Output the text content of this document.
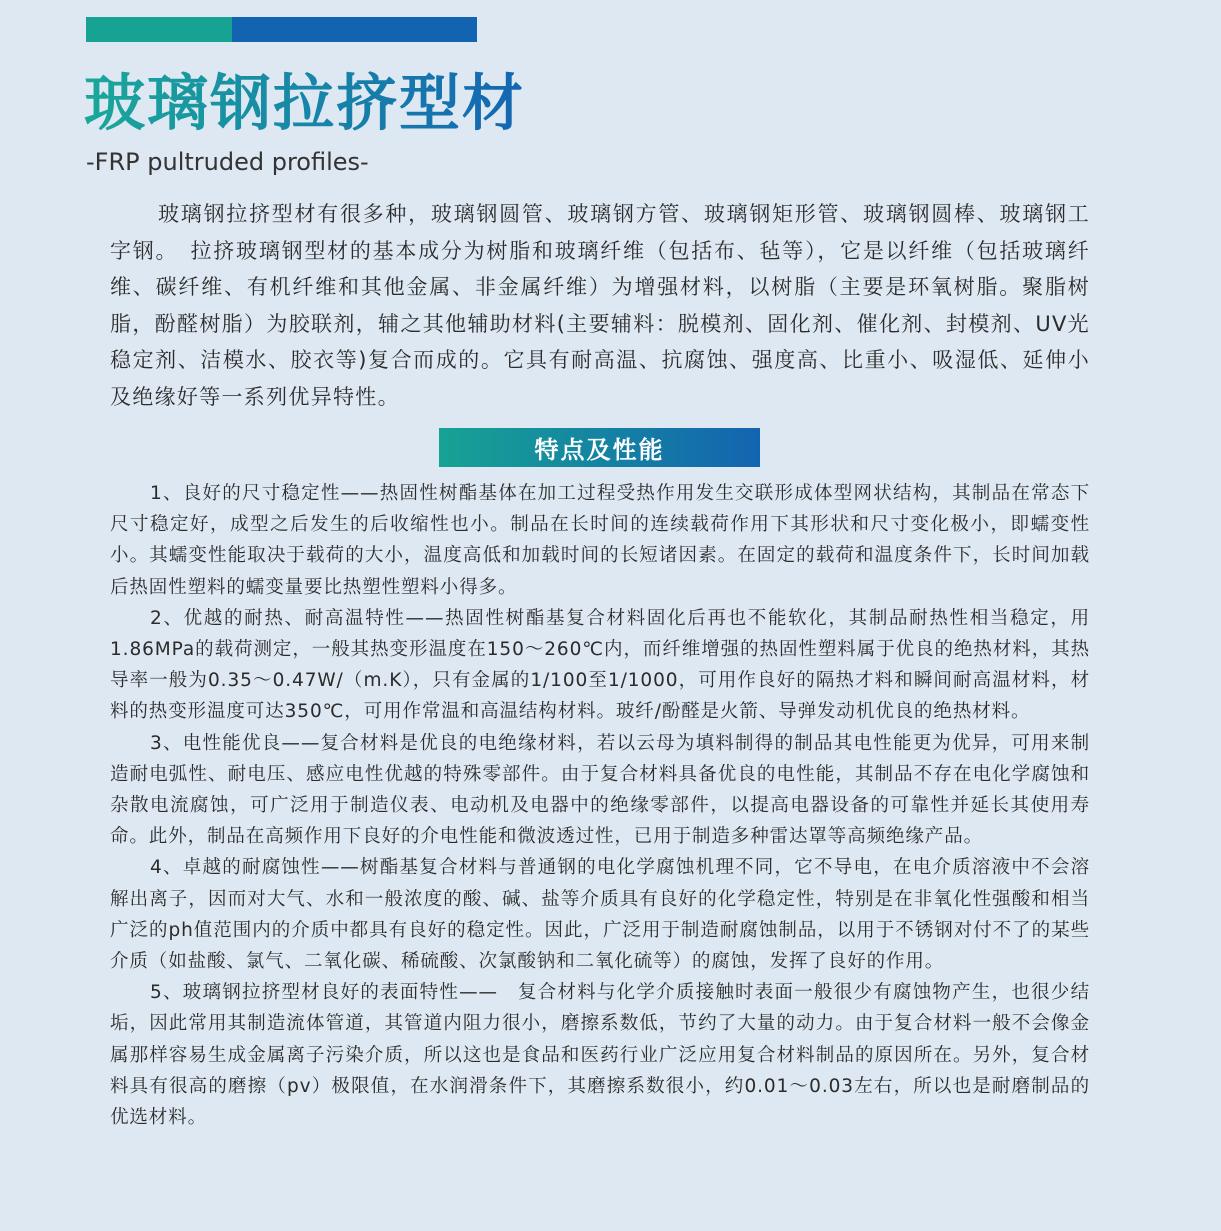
玻璃钢拉挤型材
-FRP pultruded profiles-

玻璃钢拉挤型材有很多种，玻璃钢圆管、玻璃钢方管、玻璃钢矩形管、玻璃钢圆棒、玻璃钢工字钢。　拉挤玻璃钢型材的基本成分为树脂和玻璃纤维（包括布、毡等），它是以纤维（包括玻璃纤维、碳纤维、有机纤维和其他金属、非金属纤维）为增强材料，以树脂（主要是环氧树脂。聚脂树脂，酚醛树脂）为胶联剂，辅之其他辅助材料(主要辅料：脱模剂、固化剂、催化剂、封模剂、UV光稳定剂、洁模水、胶衣等)复合而成的。它具有耐高温、抗腐蚀、强度高、比重小、吸湿低、延伸小及绝缘好等一系列优异特性。

特点及性能

1、良好的尺寸稳定性——热固性树酯基体在加工过程受热作用发生交联形成体型网状结构，其制品在常态下尺寸稳定好，成型之后发生的后收缩性也小。制品在长时间的连续载荷作用下其形状和尺寸变化极小，即蠕变性小。其蠕变性能取决于载荷的大小，温度高低和加载时间的长短诸因素。在固定的载荷和温度条件下，长时间加载后热固性塑料的蠕变量要比热塑性塑料小得多。

2、优越的耐热、耐高温特性——热固性树酯基复合材料固化后再也不能软化，其制品耐热性相当稳定，用1.86MPa的载荷测定，一般其热变形温度在150～260℃内，而纤维增强的热固性塑料属于优良的绝热材料，其热导率一般为0.35～0.47W/（m.K），只有金属的1/100至1/1000，可用作良好的隔热才料和瞬间耐高温材料，材料的热变形温度可达350℃，可用作常温和高温结构材料。玻纤/酚醛是火箭、导弹发动机优良的绝热材料。

3、电性能优良——复合材料是优良的电绝缘材料，若以云母为填料制得的制品其电性能更为优异，可用来制造耐电弧性、耐电压、感应电性优越的特殊零部件。由于复合材料具备优良的电性能，其制品不存在电化学腐蚀和杂散电流腐蚀，可广泛用于制造仪表、电动机及电器中的绝缘零部件，以提高电器设备的可靠性并延长其使用寿命。此外，制品在高频作用下良好的介电性能和微波透过性，已用于制造多种雷达罩等高频绝缘产品。

4、卓越的耐腐蚀性——树酯基复合材料与普通钢的电化学腐蚀机理不同，它不导电，在电介质溶液中不会溶解出离子，因而对大气、水和一般浓度的酸、碱、盐等介质具有良好的化学稳定性，特别是在非氧化性强酸和相当广泛的ph值范围内的介质中都具有良好的稳定性。因此，广泛用于制造耐腐蚀制品，以用于不锈钢对付不了的某些介质（如盐酸、氯气、二氧化碳、稀硫酸、次氯酸钠和二氧化硫等）的腐蚀，发挥了良好的作用。

5、玻璃钢拉挤型材良好的表面特性——　复合材料与化学介质接触时表面一般很少有腐蚀物产生，也很少结垢，因此常用其制造流体管道，其管道内阻力很小，磨擦系数低，节约了大量的动力。由于复合材料一般不会像金属那样容易生成金属离子污染介质，所以这也是食品和医药行业广泛应用复合材料制品的原因所在。另外，复合材料具有很高的磨擦（pv）极限值，在水润滑条件下，其磨擦系数很小，约0.01～0.03左右，所以也是耐磨制品的优选材料。
